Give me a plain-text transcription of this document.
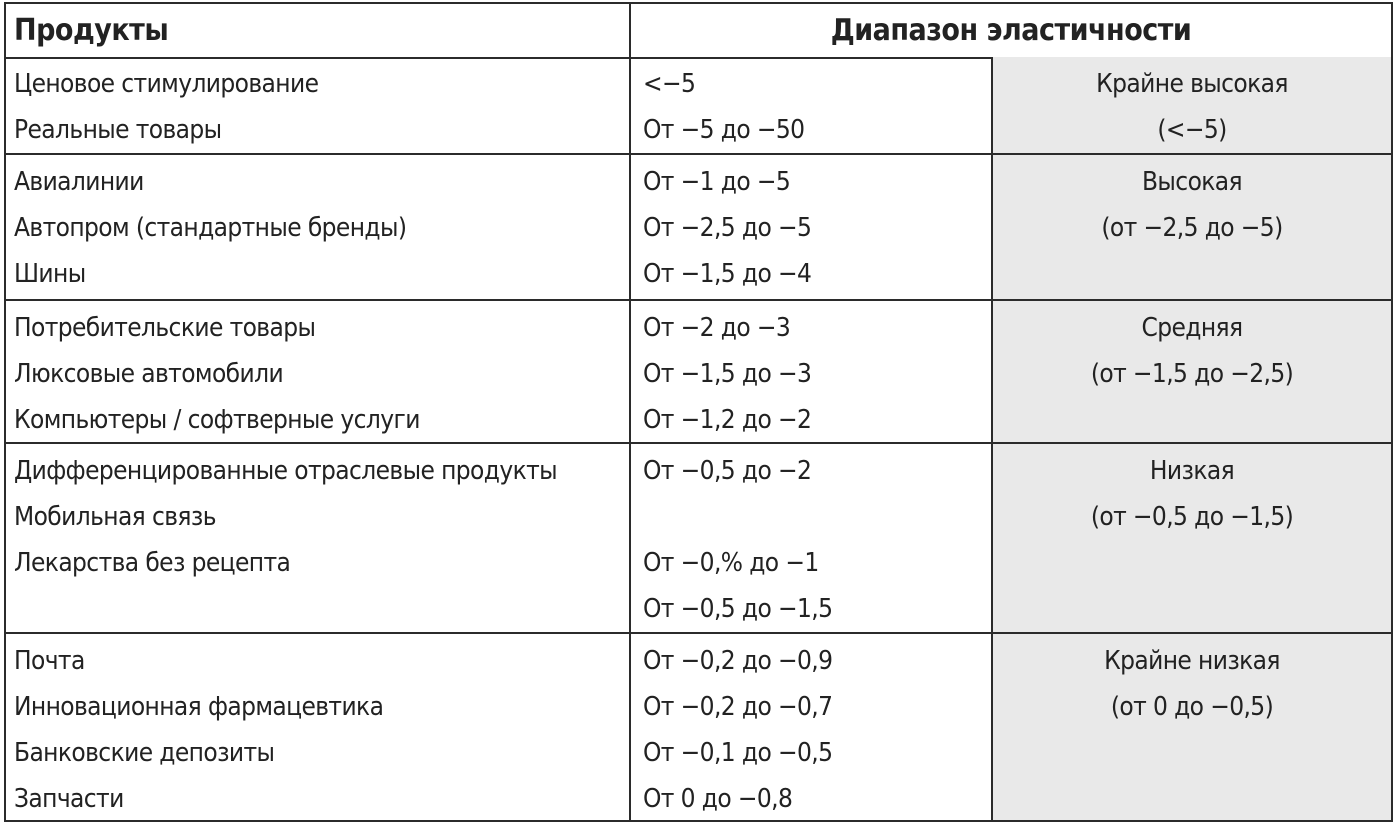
Продукты	Диапазон эластичности
Ценовое стимулирование
Реальные товары
<−5
От −5 до −50
Крайне высокая
(<−5)
Авиалинии
Автопром (стандартные бренды)
Шины
От −1 до −5
От −2,5 до −5
От −1,5 до −4
Высокая
(от −2,5 до −5)
Потребительские товары
Люксовые автомобили
Компьютеры / софтверные услуги
От −2 до −3
От −1,5 до −3
От −1,2 до −2
Средняя
(от −1,5 до −2,5)
Дифференцированные отраслевые продукты
Мобильная связь
Лекарства без рецепта
От −0,5 до −2
От −0,% до −1
От −0,5 до −1,5
Низкая
(от −0,5 до −1,5)
Почта
Инновационная фармацевтика
Банковские депозиты
Запчасти
От −0,2 до −0,9
От −0,2 до −0,7
От −0,1 до −0,5
От 0 до −0,8
Крайне низкая
(от 0 до −0,5)
